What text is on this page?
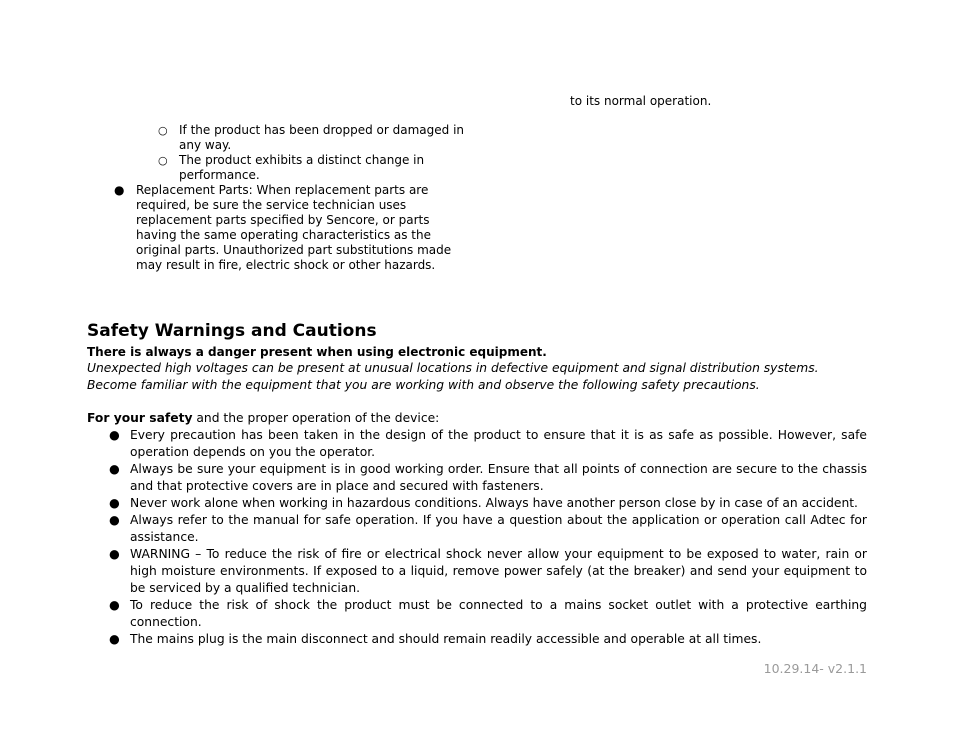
to its normal operation.
○ If the product has been dropped or damaged in any way.
○ The product exhibits a distinct change in performance.
● Replacement Parts: When replacement parts are required, be sure the service technician uses replacement parts specified by Sencore, or parts having the same operating characteristics as the original parts. Unauthorized part substitutions made may result in fire, electric shock or other hazards.
Safety Warnings and Cautions
There is always a danger present when using electronic equipment.
Unexpected high voltages can be present at unusual locations in defective equipment and signal distribution systems. Become familiar with the equipment that you are working with and observe the following safety precautions.
For your safety and the proper operation of the device:
● Every precaution has been taken in the design of the product to ensure that it is as safe as possible. However, safe operation depends on you the operator.
● Always be sure your equipment is in good working order. Ensure that all points of connection are secure to the chassis and that protective covers are in place and secured with fasteners.
● Never work alone when working in hazardous conditions. Always have another person close by in case of an accident.
● Always refer to the manual for safe operation. If you have a question about the application or operation call Adtec for assistance.
● WARNING – To reduce the risk of fire or electrical shock never allow your equipment to be exposed to water, rain or high moisture environments. If exposed to a liquid, remove power safely (at the breaker) and send your equipment to be serviced by a qualified technician.
● To reduce the risk of shock the product must be connected to a mains socket outlet with a protective earthing connection.
● The mains plug is the main disconnect and should remain readily accessible and operable at all times.
10.29.14- v2.1.1
